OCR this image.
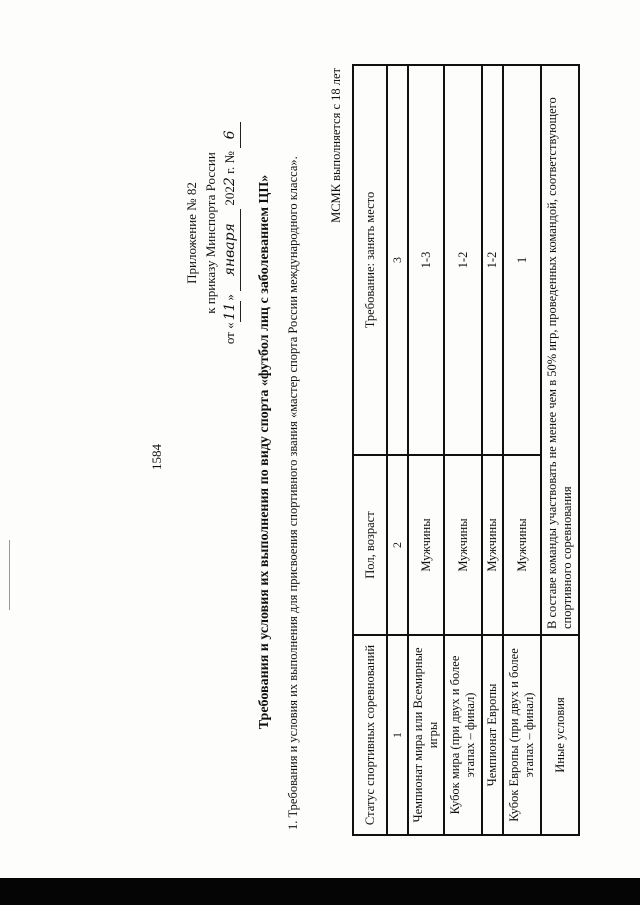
1584
Приложение № 82 к приказу Минспорта России
от «11» января 2022 г. № 6
Требования и условия их выполнения по виду спорта «футбол лиц с заболеванием ЦП» 1. Требования и условия их выполнения для присвоения спортивного звания «мастер спорта России международного класса».
МСМК выполняется с 18 лет
Статус спортивных соревнований	Пол, возраст	Требование: занять место
1	2	3
Чемпионат мира или Всемирные игры	Мужчины	1-3
Кубок мира (при двух и более этапах – финал)	Мужчины	1-2
Чемпионат Европы	Мужчины	1-2
Кубок Европы (при двух и более этапах – финал)	Мужчины	1
Иные условия	В составе команды участвовать не менее чем в 50% игр, проведенных командой, соответствующего спортивного соревнования	
